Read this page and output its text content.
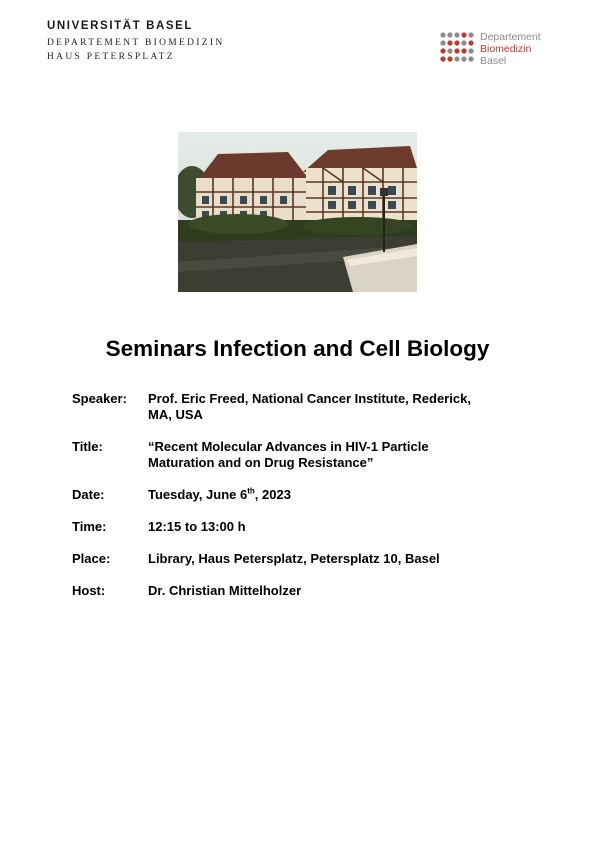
UNIVERSITÄT BASEL
DEPARTEMENT BIOMEDIZIN
HAUS PETERSPLATZ
Departement
Biomedizin
Basel
Seminars Infection and Cell Biology
Speaker:	Prof. Eric Freed, National Cancer Institute, Rederick,
MA, USA
Title:	“Recent Molecular Advances in HIV-1 Particle
Maturation and on Drug Resistance”
Date:	Tuesday, June 6th, 2023
Time:	12:15 to 13:00 h
Place:	Library, Haus Petersplatz, Petersplatz 10, Basel
Host:	Dr. Christian Mittelholzer
